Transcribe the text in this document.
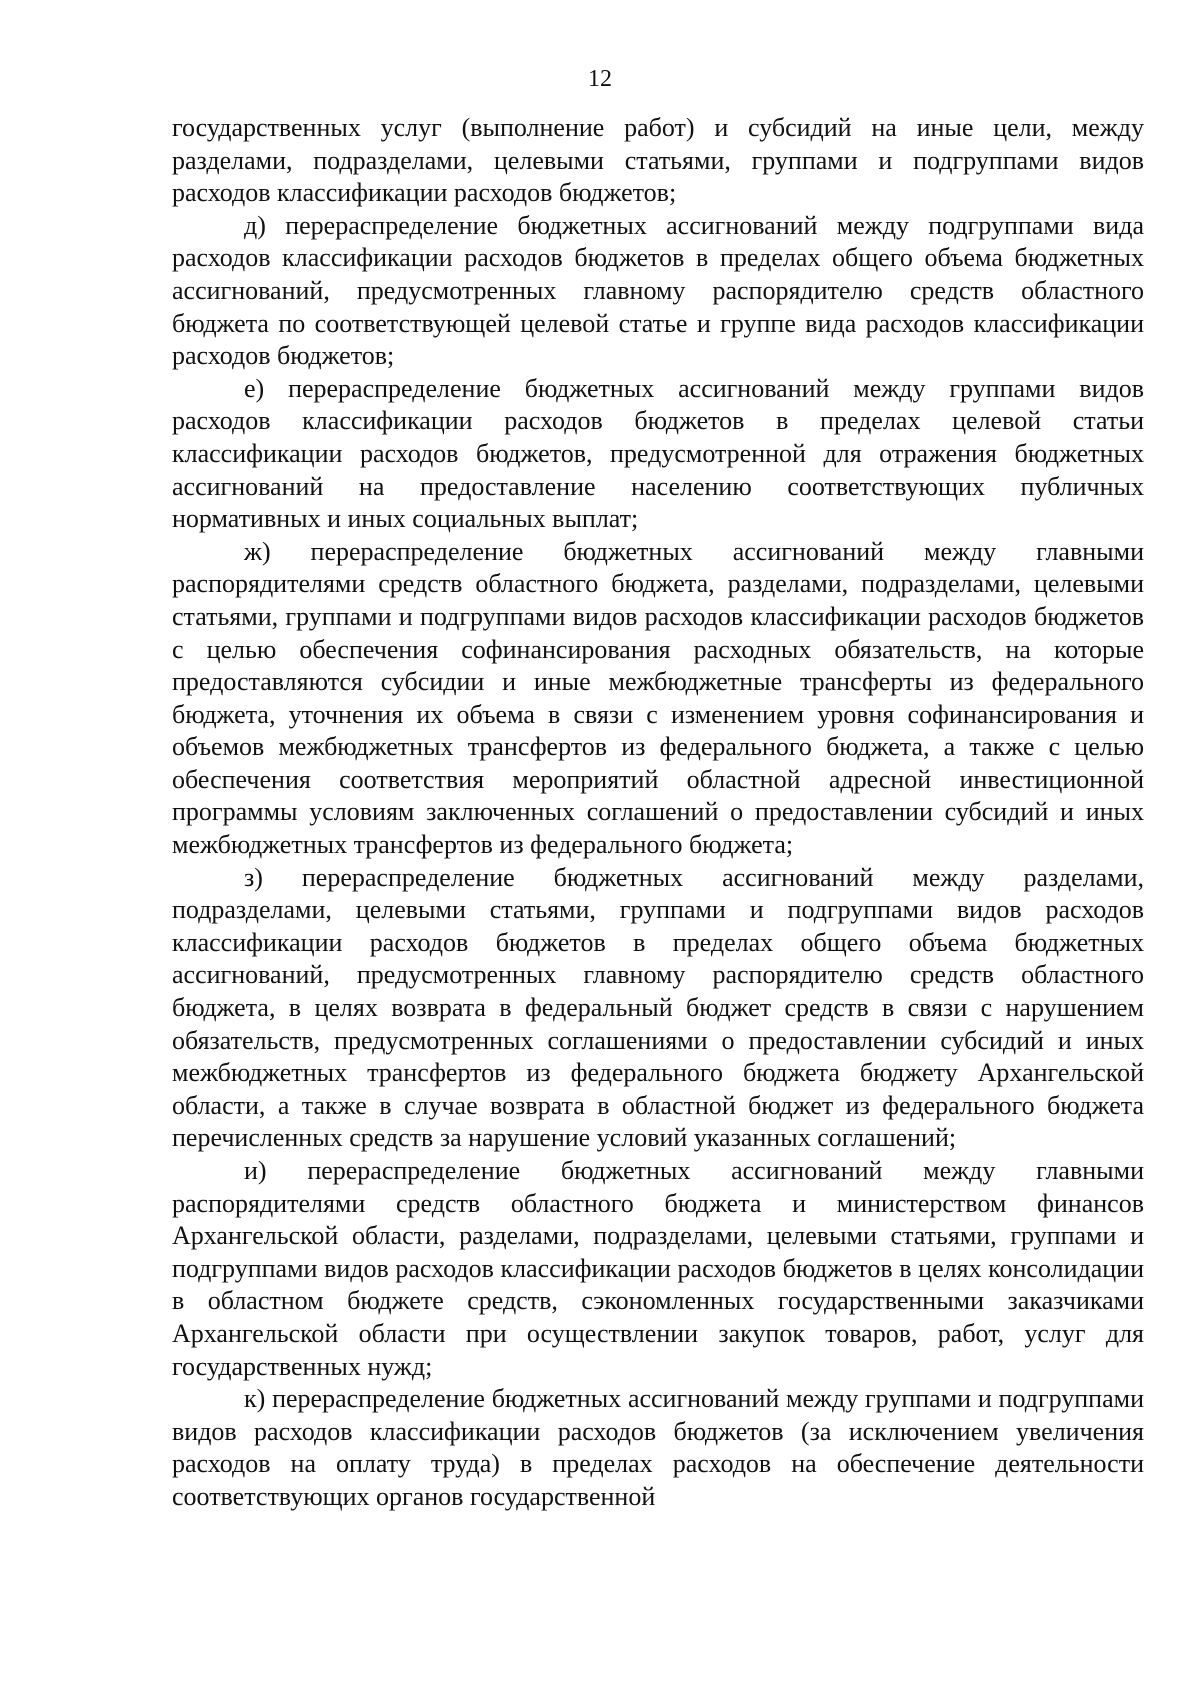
12

государственных услуг (выполнение работ) и субсидий на иные цели, между разделами, подразделами, целевыми статьями, группами и подгруппами видов расходов классификации расходов бюджетов;

д) перераспределение бюджетных ассигнований между подгруппами вида расходов классификации расходов бюджетов в пределах общего объема бюджетных ассигнований, предусмотренных главному распорядителю средств областного бюджета по соответствующей целевой статье и группе вида расходов классификации расходов бюджетов;

е) перераспределение бюджетных ассигнований между группами видов расходов классификации расходов бюджетов в пределах целевой статьи классификации расходов бюджетов, предусмотренной для отражения бюджетных ассигнований на предоставление населению соответствующих публичных нормативных и иных социальных выплат;

ж) перераспределение бюджетных ассигнований между главными распорядителями средств областного бюджета, разделами, подразделами, целевыми статьями, группами и подгруппами видов расходов классификации расходов бюджетов с целью обеспечения софинансирования расходных обязательств, на которые предоставляются субсидии и иные межбюджетные трансферты из федерального бюджета, уточнения их объема в связи с изменением уровня софинансирования и объемов межбюджетных трансфертов из федерального бюджета, а также с целью обеспечения соответствия мероприятий областной адресной инвестиционной программы условиям заключенных соглашений о предоставлении субсидий и иных межбюджетных трансфертов из федерального бюджета;

з) перераспределение бюджетных ассигнований между разделами, подразделами, целевыми статьями, группами и подгруппами видов расходов классификации расходов бюджетов в пределах общего объема бюджетных ассигнований, предусмотренных главному распорядителю средств областного бюджета, в целях возврата в федеральный бюджет средств в связи с нарушением обязательств, предусмотренных соглашениями о предоставлении субсидий и иных межбюджетных трансфертов из федерального бюджета бюджету Архангельской области, а также в случае возврата в областной бюджет из федерального бюджета перечисленных средств за нарушение условий указанных соглашений;

и) перераспределение бюджетных ассигнований между главными распорядителями средств областного бюджета и министерством финансов Архангельской области, разделами, подразделами, целевыми статьями, группами и подгруппами видов расходов классификации расходов бюджетов в целях консолидации в областном бюджете средств, сэкономленных государственными заказчиками Архангельской области при осуществлении закупок товаров, работ, услуг для государственных нужд;

к) перераспределение бюджетных ассигнований между группами и подгруппами видов расходов классификации расходов бюджетов (за исключением увеличения расходов на оплату труда) в пределах расходов на обеспечение деятельности соответствующих органов государственной
